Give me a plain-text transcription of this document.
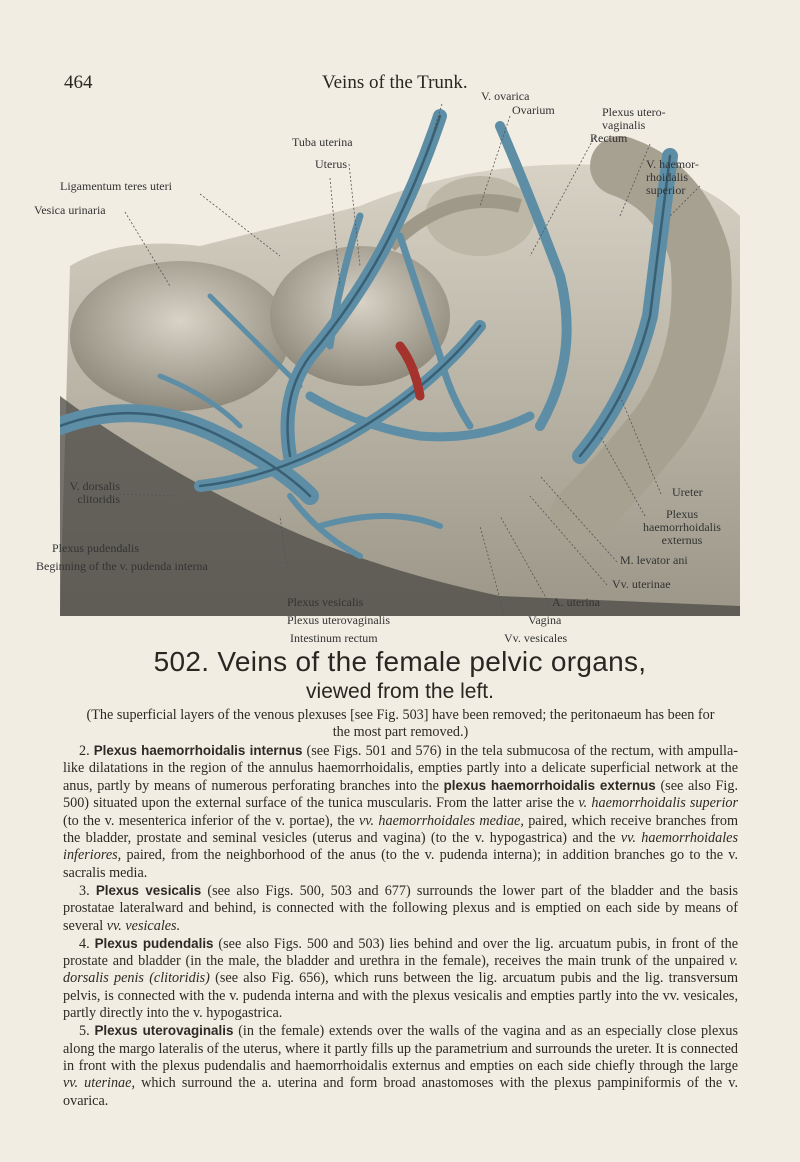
464	Veins of the Trunk.
V. ovarica
Ovarium	Plexus utero-
vaginalis
Rectum
V. haemor-
rhoidalis
superior
Tuba uterina
Uterus
Ligamentum teres uteri
Vesica urinaria
V. dorsalis
clitoridis	Ureter
Plexus
haemorrhoidalis
externus
Plexus pudendalis
Beginning of the v. pudenda interna	M. levator ani
Vv. uterinae
A. uterina
Plexus vesicalis
Plexus uterovaginalis	Vagina
Intestinum rectum	Vv. vesicales
502. Veins of the female pelvic organs,
viewed from the left.

(The superficial layers of the venous plexuses [see Fig. 503] have been removed; the peritonaeum has been for the most part removed.)

2. Plexus haemorrhoidalis internus (see Figs. 501 and 576) in the tela submucosa of the rectum, with ampulla-like dilatations in the region of the annulus haemorrhoidalis, empties partly into a delicate superficial network at the anus, partly by means of numerous perforating branches into the plexus haemorrhoidalis externus (see also Fig. 500) situated upon the external surface of the tunica muscularis. From the latter arise the v. haemorrhoidalis superior (to the v. mesenterica inferior of the v. portae), the vv. haemorrhoidales mediae, paired, which receive branches from the bladder, prostate and seminal vesicles (uterus and vagina) (to the v. hypogastrica) and the vv. haemorrhoidales inferiores, paired, from the neighborhood of the anus (to the v. pudenda interna); in addition branches go to the v. sacralis media.

3. Plexus vesicalis (see also Figs. 500, 503 and 677) surrounds the lower part of the bladder and the basis prostatae lateralward and behind, is connected with the following plexus and is emptied on each side by means of several vv. vesicales.

4. Plexus pudendalis (see also Figs. 500 and 503) lies behind and over the lig. arcuatum pubis, in front of the prostate and bladder (in the male, the bladder and urethra in the female), receives the main trunk of the unpaired v. dorsalis penis (clitoridis) (see also Fig. 656), which runs between the lig. arcuatum pubis and the lig. transversum pelvis, is connected with the v. pudenda interna and with the plexus vesicalis and empties partly into the vv. vesicales, partly directly into the v. hypogastrica.

5. Plexus uterovaginalis (in the female) extends over the walls of the vagina and as an especially close plexus along the margo lateralis of the uterus, where it partly fills up the parametrium and surrounds the ureter. It is connected in front with the plexus pudendalis and haemorrhoidalis externus and empties on each side chiefly through the large vv. uterinae, which surround the a. uterina and form broad anastomoses with the plexus pampiniformis of the v. ovarica.
